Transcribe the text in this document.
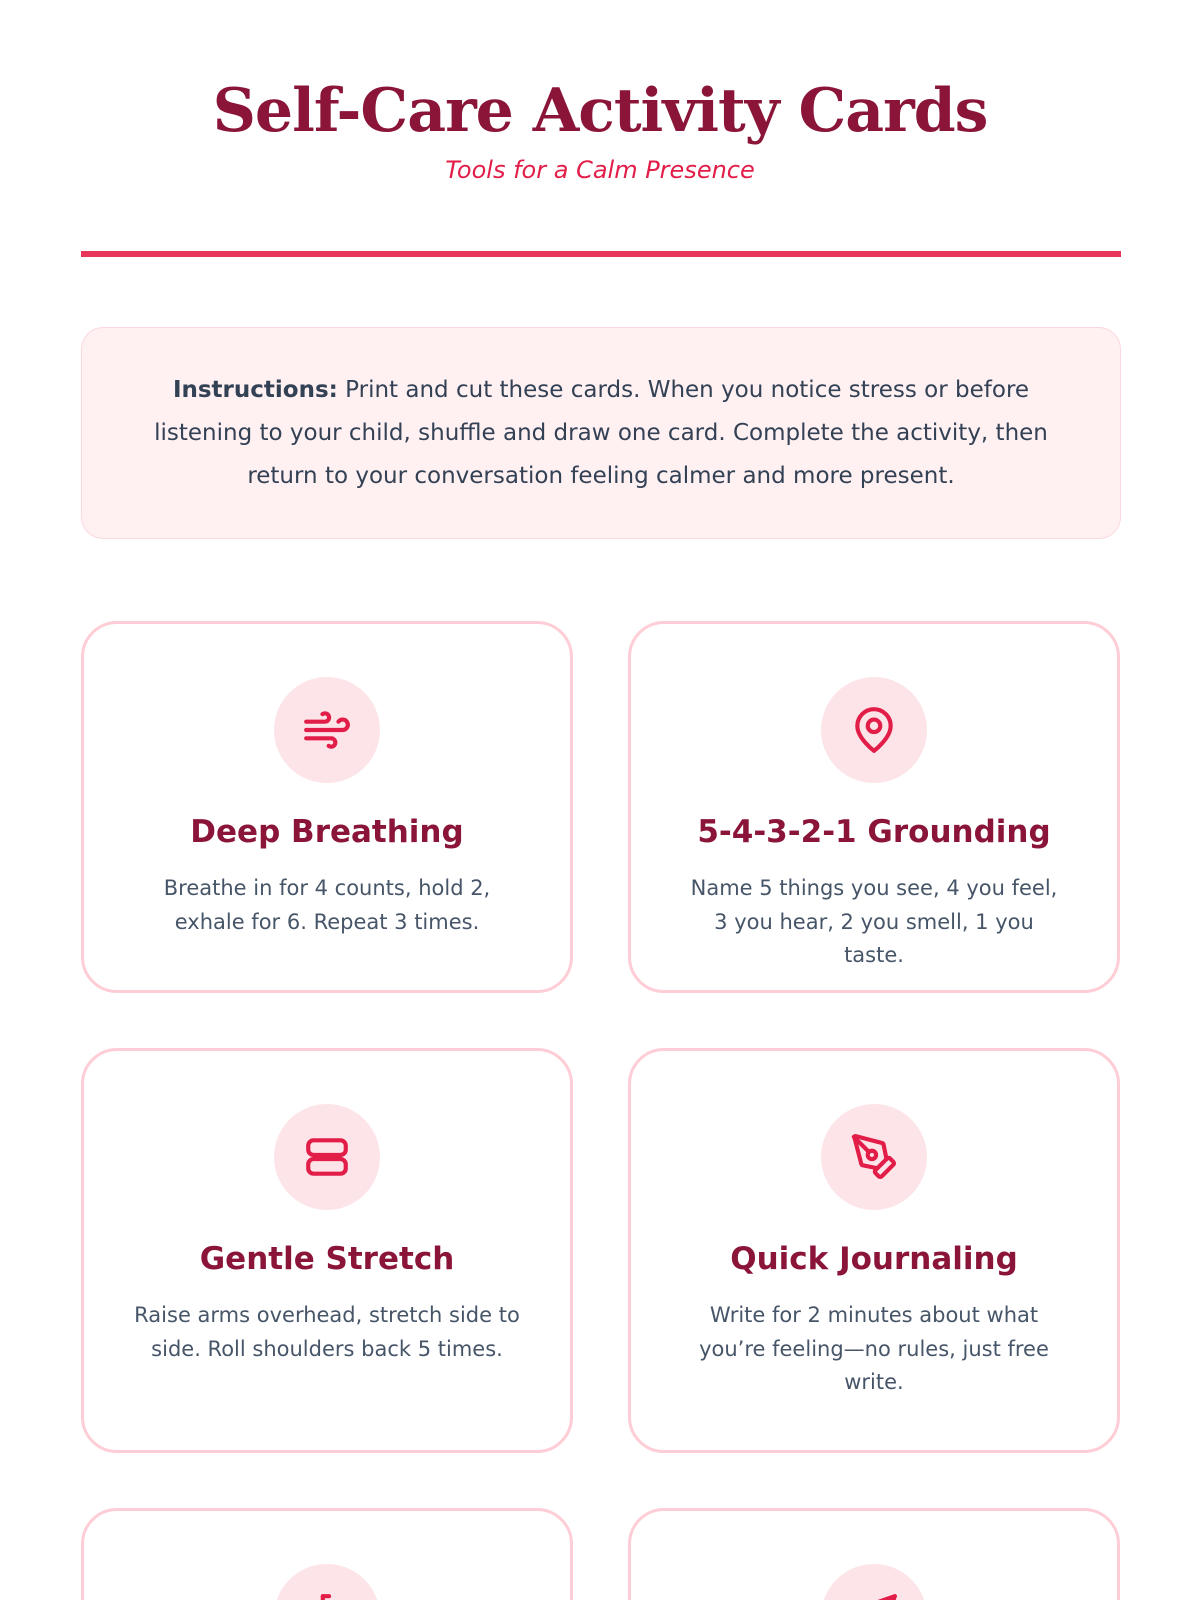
Self-Care Activity Cards
Tools for a Calm Presence

Instructions: Print and cut these cards. When you notice stress or before listening to your child, shuffle and draw one card. Complete the activity, then return to your conversation feeling calmer and more present.

Deep Breathing
Breathe in for 4 counts, hold 2, exhale for 6. Repeat 3 times.
5-4-3-2-1 Grounding
Name 5 things you see, 4 you feel, 3 you hear, 2 you smell, 1 you taste.
Gentle Stretch
Raise arms overhead, stretch side to side. Roll shoulders back 5 times.
Quick Journaling
Write for 2 minutes about what you’re feeling—no rules, just free write.
